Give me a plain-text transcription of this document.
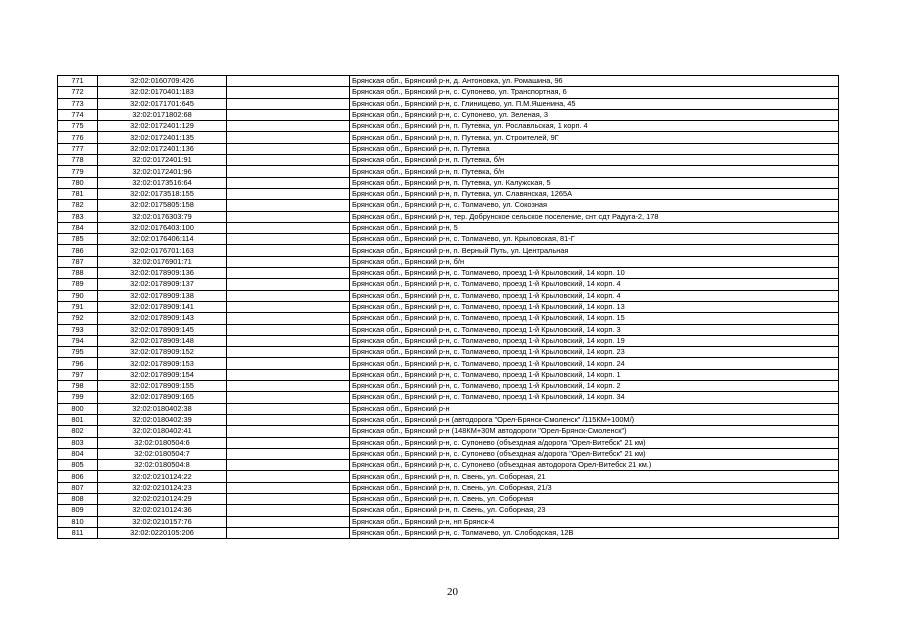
771	32:02:0160709:426		Брянская обл., Брянский р-н, д. Антоновка, ул. Ромашина, 96
772	32:02:0170401:183		Брянская обл., Брянский р-н, с. Супонево, ул. Транспортная, 6
773	32:02:0171701:645		Брянская обл., Брянский р-н, с. Глинищево, ул. П.М.Яшенина, 45
774	32:02:0171802:68		Брянская обл., Брянский р-н, с. Супонево, ул. Зеленая, 3
775	32:02:0172401:129		Брянская обл., Брянский р-н, п. Путевка, ул. Рославльская, 1 корп. 4
776	32:02:0172401:135		Брянская обл., Брянский р-н, п. Путевка, ул. Строителей, 9Г
777	32:02:0172401:136		Брянская обл., Брянский р-н, п. Путевка
778	32:02:0172401:91		Брянская обл., Брянский р-н, п. Путевка, б/н
779	32:02:0172401:96		Брянская обл., Брянский р-н, п. Путевка, б/н
780	32:02:0173516:64		Брянская обл., Брянский р-н, п. Путевка, ул. Калужская, 5
781	32:02:0173518:155		Брянская обл., Брянский р-н, п. Путевка, ул. Славянская, 1265А
782	32:02:0175805:158		Брянская обл., Брянский р-н, с. Толмачево, ул. Сокозная
783	32:02:0176303:79		Брянская обл., Брянский р-н, тер. Добрунское сельское поселение, снт сдт Радуга-2, 178
784	32:02:0176403:100		Брянская обл., Брянский р-н, 5
785	32:02:0176406:114		Брянская обл., Брянский р-н, с. Толмачево, ул. Крыловская, 81-Г
786	32:02:0176701:163		Брянская обл., Брянский р-н, п. Верный Путь, ул. Центральная
787	32:02:0176901:71		Брянская обл., Брянский р-н, б/н
788	32:02:0178909:136		Брянская обл., Брянский р-н, с. Толмачево, проезд 1-й Крыловский, 14 корп. 10
789	32:02:0178909:137		Брянская обл., Брянский р-н, с. Толмачево, проезд 1-й Крыловский, 14 корп. 4
790	32:02:0178909:138		Брянская обл., Брянский р-н, с. Толмачево, проезд 1-й Крыловский, 14 корп. 4
791	32:02:0178909:141		Брянская обл., Брянский р-н, с. Толмачево, проезд 1-й Крыловский, 14 корп. 13
792	32:02:0178909:143		Брянская обл., Брянский р-н, с. Толмачево, проезд 1-й Крыловский, 14 корп. 15
793	32:02:0178909:145		Брянская обл., Брянский р-н, с. Толмачево, проезд 1-й Крыловский, 14 корп. 3
794	32:02:0178909:148		Брянская обл., Брянский р-н, с. Толмачево, проезд 1-й Крыловский, 14 корп. 19
795	32:02:0178909:152		Брянская обл., Брянский р-н, с. Толмачево, проезд 1-й Крыловский, 14 корп. 23
796	32:02:0178909:153		Брянская обл., Брянский р-н, с. Толмачево, проезд 1-й Крыловский, 14 корп. 24
797	32:02:0178909:154		Брянская обл., Брянский р-н, с. Толмачево, проезд 1-й Крыловский, 14 корп. 1
798	32:02:0178909:155		Брянская обл., Брянский р-н, с. Толмачево, проезд 1-й Крыловский, 14 корп. 2
799	32:02:0178909:165		Брянская обл., Брянский р-н, с. Толмачево, проезд 1-й Крыловский, 14 корп. 34
800	32:02:0180402:38		Брянская обл., Брянский р-н
801	32:02:0180402:39		Брянская обл., Брянский р-н (автодорога "Орел-Брянск-Смоленск" /115КМ+100М/)
802	32:02:0180402:41		Брянская обл., Брянский р-н (148КМ+30М автодороги "Орел-Брянск-Смоленск")
803	32:02:0180504:6		Брянская обл., Брянский р-н, с. Супонево (объездная а/дорога "Орел-Витебск" 21 км)
804	32:02:0180504:7		Брянская обл., Брянский р-н, с. Супонево (объездная а/дорога "Орел-Витебск" 21 км)
805	32:02:0180504:8		Брянская обл., Брянский р-н, с. Супонево (объездная автодорога Орел-Витебск 21 км.)
806	32:02:0210124:22		Брянская обл., Брянский р-н, п. Свень, ул. Соборная, 21
807	32:02:0210124:23		Брянская обл., Брянский р-н, п. Свень, ул. Соборная, 21/3
808	32:02:0210124:29		Брянская обл., Брянский р-н, п. Свень, ул. Соборная
809	32:02:0210124:36		Брянская обл., Брянский р-н, п. Свень, ул. Соборная, 23
810	32:02:0210157:76		Брянская обл., Брянский р-н, нп Брянск-4
811	32:02:0220105:206		Брянская обл., Брянский р-н, с. Толмачево, ул. Слободская, 12В
20
